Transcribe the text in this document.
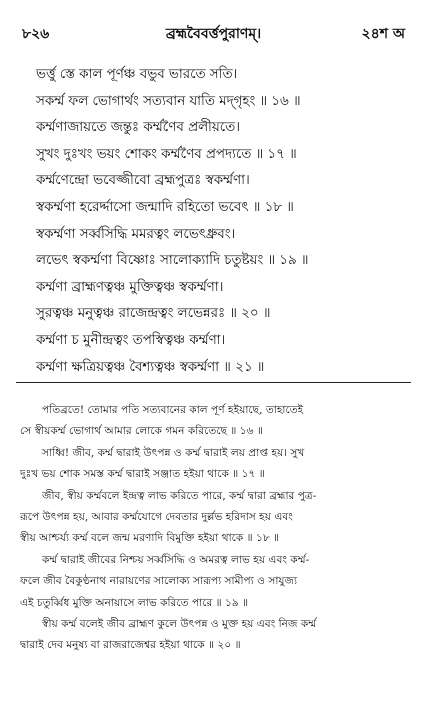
৮২৬	ব্রহ্মবৈবর্ত্তপুরাণম্‌।	২৪শ অ
ভর্ত্তু স্তে কাল পূর্ণঞ্চ বভুব ভারতে সতি।
সকর্ম্ম ফল ভোগার্থং সত্যবান যাতি মদ্‌গৃহং ॥ ১৬ ॥
কর্ম্মণাজায়তে জন্তুঃ কর্ম্মণৈব প্রলীয়তে।
সুখং দুঃখং ভয়ং শোকং কর্ম্মণৈব প্রপদ্যতে ॥ ১৭ ॥
কর্ম্মণেন্দ্রো ভবেজ্জীবো ব্রহ্মপুত্রঃ স্বকর্ম্মণা।
স্বকর্ম্মণা হরের্দ্দাসো জন্মাদি রহিতো ভবেৎ ॥ ১৮ ॥
স্বকর্ম্মণা সর্ব্বসিদ্ধি মমরত্বং লভেৎধ্রুবং।
লভেৎ স্বকর্ম্মণা বিষ্ণোঃ সালোক্যাদি চতুষ্টয়ং ॥ ১৯ ॥
কর্ম্মণা ব্রাহ্মণত্বঞ্চ মুক্তিত্বঞ্চ স্বকর্ম্মণা।
সুরত্বঞ্চ মনুত্বঞ্চ রাজেন্দ্রত্বং লভেন্নরঃ ॥ ২০ ॥
কর্ম্মণা চ মুনীন্দ্রত্বং তপস্বিত্বঞ্চ কর্ম্মণা।
কর্ম্মণা ক্ষত্রিয়ত্বঞ্চ বৈশ্যত্বঞ্চ স্বকর্ম্মণা ॥ ২১ ॥
পতিব্রতে! তোমার পতি সত্যবানের কাল পূর্ণ হইয়াছে, তাহাতেই
সে স্বীয়কর্ম্ম ভোগার্থ আমার লোকে গমন করিতেছে ॥ ১৬ ॥
সাধ্বি! জীব, কর্ম্ম দ্বারাই উৎপন্ন ও কর্ম্ম দ্বারাই লয় প্রাপ্ত হয়। সুখ
দুঃখ ভয় শোক সমস্ত কর্ম্ম দ্বারাই সঞ্জাত হইয়া থাকে ॥ ১৭ ॥
জীব, স্বীয় কর্ম্মবলে ইন্দ্রত্ব লাভ করিতে পারে, কর্ম্ম দ্বারা ব্রহ্মার পুত্র-
রূপে উৎপন্ন হয়, আবার কর্ম্মযোগে দেবতার দুর্ল্লভ হরিদাস হয় এবং
স্বীয় আশ্চর্য্য কর্ম্ম বলে জন্ম মরণাদি বিমুক্তি হইয়া থাকে ॥ ১৮ ॥
কর্ম্ম দ্বারাই জীবের নিশ্চয় সর্ব্বসিদ্ধি ও অমরত্ব লাভ হয় এবং কর্ম্ম-
ফলে জীব বৈকুণ্ঠনাথ নারায়ণের সালোক্য সারূপ্য সামীপ্য ও সাযুজ্য
এই চতুর্ব্বিধ মুক্তি অনায়াসে লাভ করিতে পারে ॥ ১৯ ॥
স্বীয় কর্ম্ম বলেই জীব ব্রাহ্মণ কুলে উৎপন্ন ও মুক্ত হয় এবং নিজ কর্ম্ম
দ্বারাই দেব মনুষ্য বা রাজরাজেশ্বর হইয়া থাকে ॥ ২০ ॥
